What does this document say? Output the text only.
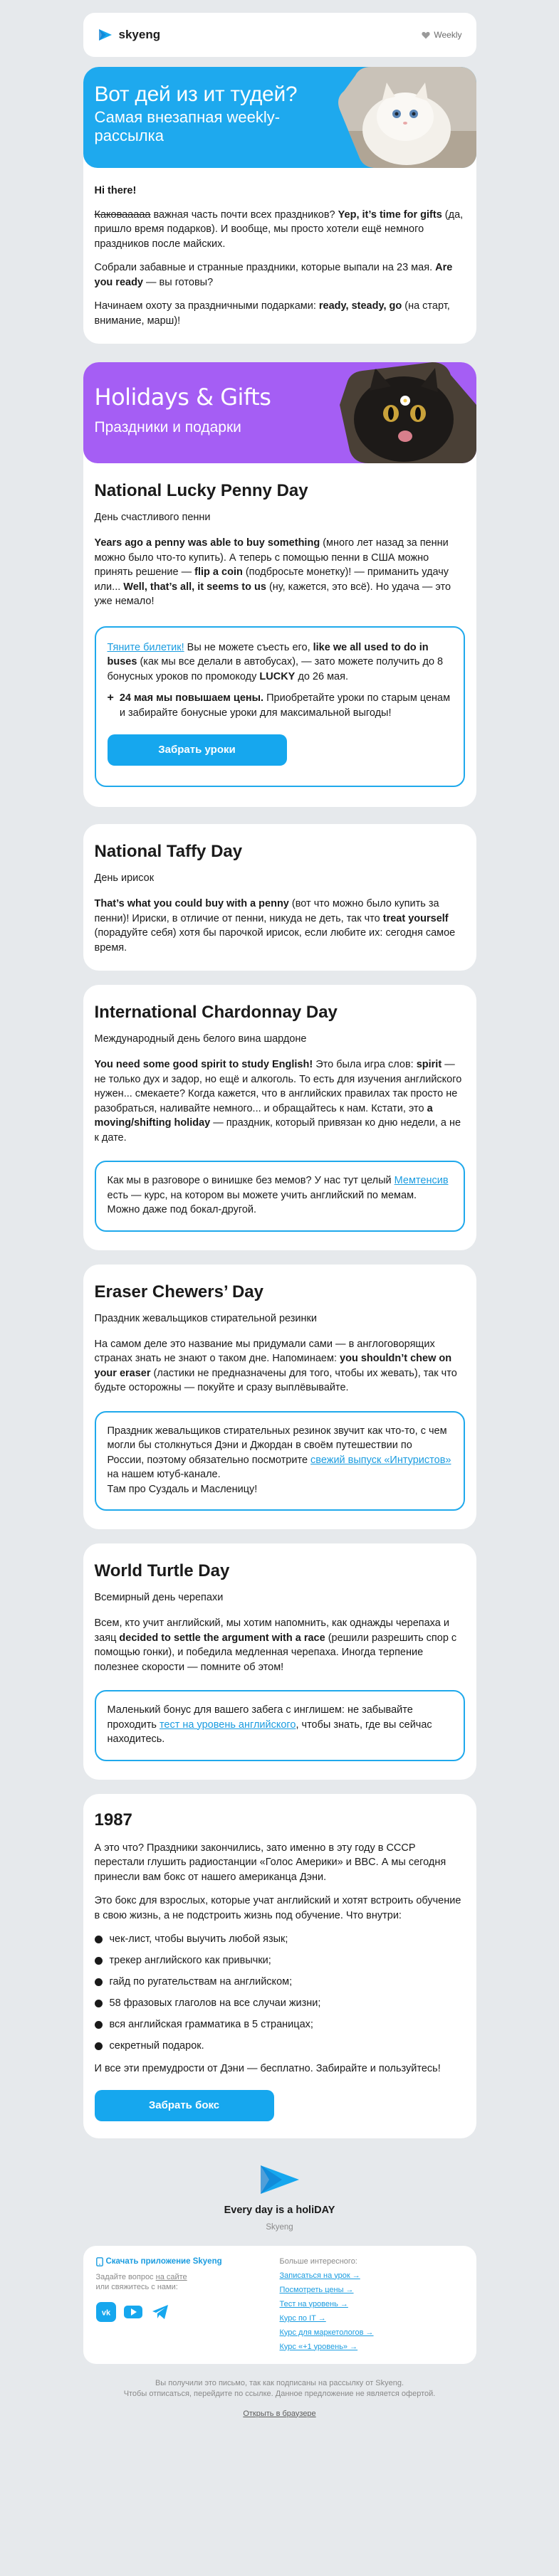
skyeng	Weekly
Вот дей из ит тудей?
Самая внезапная weekly-рассылка

Hi there!

Каковааааа важная часть почти всех праздников? Yep, it’s time for gifts (да, пришло время подарков). И вообще, мы просто хотели ещё немного праздников после майских.

Собрали забавные и странные праздники, которые выпали на 23 мая. Are you ready — вы готовы?

Начинаем охоту за праздничными подарками: ready, steady, go (на старт, внимание, марш)!

Holidays & Gifts
Праздники и подарки
National Lucky Penny Day
День счастливого пенни

Years ago a penny was able to buy something (много лет назад за пенни можно было что-то купить). А теперь с помощью пенни в США можно принять решение — flip a coin (подбросьте монетку)! — приманить удачу или... Well, that’s all, it seems to us (ну, кажется, это всё). Но удача — это уже немало!

Тяните билетик! Вы не можете съесть его, like we all used to do in buses (как мы все делали в автобусах), — зато можете получить до 8 бонусных уроков по промокоду LUCKY до 26 мая.

+ 24 мая мы повышаем цены. Приобретайте уроки по старым ценам и забирайте бонусные уроки для максимальной выгоды!

Забрать уроки
National Taffy Day
День ирисок

That’s what you could buy with a penny (вот что можно было купить за пенни)! Ириски, в отличие от пенни, никуда не деть, так что treat yourself (порадуйте себя) хотя бы парочкой ирисок, если любите их: сегодня самое время.

International Chardonnay Day
Международный день белого вина шардоне

You need some good spirit to study English! Это была игра слов: spirit — не только дух и задор, но ещё и алкоголь. То есть для изучения английского нужен... смекаете? Когда кажется, что в английских правилах так просто не разобраться, наливайте немного... и обращайтесь к нам. Кстати, это a moving/shifting holiday — праздник, который привязан ко дню недели, а не к дате.

Как мы в разговоре о винишке без мемов? У нас тут целый Мемтенсив есть — курс, на котором вы можете учить английский по мемам. Можно даже под бокал-другой.

Eraser Chewers’ Day
Праздник жевальщиков стирательной резинки

На самом деле это название мы придумали сами — в англоговорящих странах знать не знают о таком дне. Напоминаем: you shouldn’t chew on your eraser (ластики не предназначены для того, чтобы их жевать), так что будьте осторожны — покуйте и сразу выплёвывайте.

Праздник жевальщиков стирательных резинок звучит как что-то, с чем могли бы столкнуться Дэни и Джордан в своём путешествии по России, поэтому обязательно посмотрите свежий выпуск «Интуристов» на нашем ютуб-канале.

Там про Суздаль и Масленицу!

World Turtle Day
Всемирный день черепахи

Всем, кто учит английский, мы хотим напомнить, как однажды черепаха и заяц decided to settle the argument with a race (решили разрешить спор с помощью гонки), и победила медленная черепаха. Иногда терпение полезнее скорости — помните об этом!

Маленький бонус для вашего забега с инглишем: не забывайте проходить тест на уровень английского, чтобы знать, где вы сейчас находитесь.

1987

А это что? Праздники закончились, зато именно в эту году в СССР перестали глушить радиостанции «Голос Америки» и BBC. А мы сегодня принесли вам бокс от нашего американца Дэни.

Это бокс для взрослых, которые учат английский и хотят встроить обучение в свою жизнь, а не подстроить жизнь под обучение. Что внутри:

чек-лист, чтобы выучить любой язык;
трекер английского как привычки;
гайд по ругательствам на английском;
58 фразовых глаголов на все случаи жизни;
вся английская грамматика в 5 страницах;
секретный подарок.

И все эти премудрости от Дэни — бесплатно. Забирайте и пользуйтесь!

Забрать бокс
Every day is a holiDAY
Skyeng
Скачать приложение Skyeng
Задайте вопрос на сайте
или свяжитесь с нами:
vk
Больше интересного:
Записаться на урок →
Посмотреть цены →
Тест на уровень →
Курс по IT →
Курс для маркетологов →
Курс «+1 уровень» →
Вы получили это письмо, так как подписаны на рассылку от Skyeng.
Чтобы отписаться, перейдите по ссылке. Данное предложение не является офертой.
Открыть в браузере
